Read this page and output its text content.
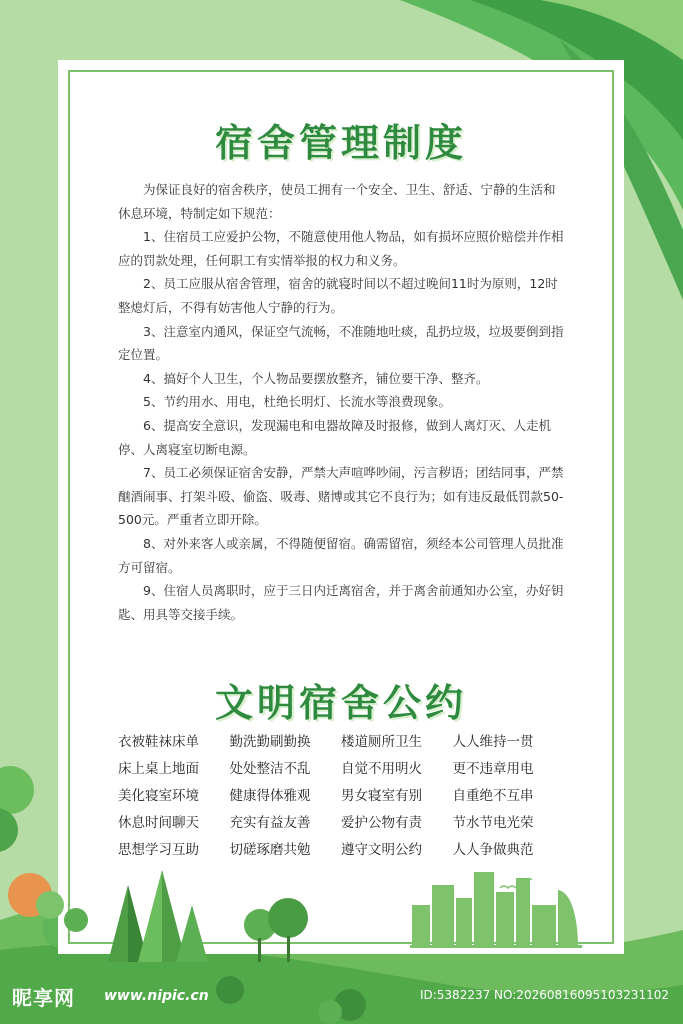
宿舍管理制度

为保证良好的宿舍秩序，使员工拥有一个安全、卫生、舒适、宁静的生活和休息环境，特制定如下规范：

1、住宿员工应爱护公物，不随意使用他人物品，如有损坏应照价赔偿并作相应的罚款处理，任何职工有实情举报的权力和义务。

2、员工应服从宿舍管理，宿舍的就寝时间以不超过晚间11时为原则，12时整熄灯后，不得有妨害他人宁静的行为。

3、注意室内通风，保证空气流畅，不准随地吐痰，乱扔垃圾，垃圾要倒到指定位置。

4、搞好个人卫生，个人物品要摆放整齐，铺位要干净、整齐。

5、节约用水、用电，杜绝长明灯、长流水等浪费现象。

6、提高安全意识，发现漏电和电器故障及时报修，做到人离灯灭、人走机停、人离寝室切断电源。

7、员工必须保证宿舍安静，严禁大声喧哗吵闹，污言秽语；团结同事，严禁酗酒闹事、打架斗殴、偷盗、吸毒、赌博或其它不良行为；如有违反最低罚款50-500元。严重者立即开除。

8、对外来客人或亲属，不得随便留宿。确需留宿，须经本公司管理人员批准方可留宿。

9、住宿人员离职时，应于三日内迁离宿舍，并于离舍前通知办公室，办好钥匙、用具等交接手续。

文明宿舍公约
衣被鞋袜床单	勤洗勤刷勤换	楼道厕所卫生	人人维持一贯
床上桌上地面	处处整洁不乱	自觉不用明火	更不违章用电
美化寝室环境	健康得体雅观	男女寝室有别	自重绝不互串
休息时间聊天	充实有益友善	爱护公物有责	节水节电光荣
思想学习互助	切磋琢磨共勉	遵守文明公约	人人争做典范
昵享网 www.nipic.cn	ID:5382237 NO:20260816095103231102
